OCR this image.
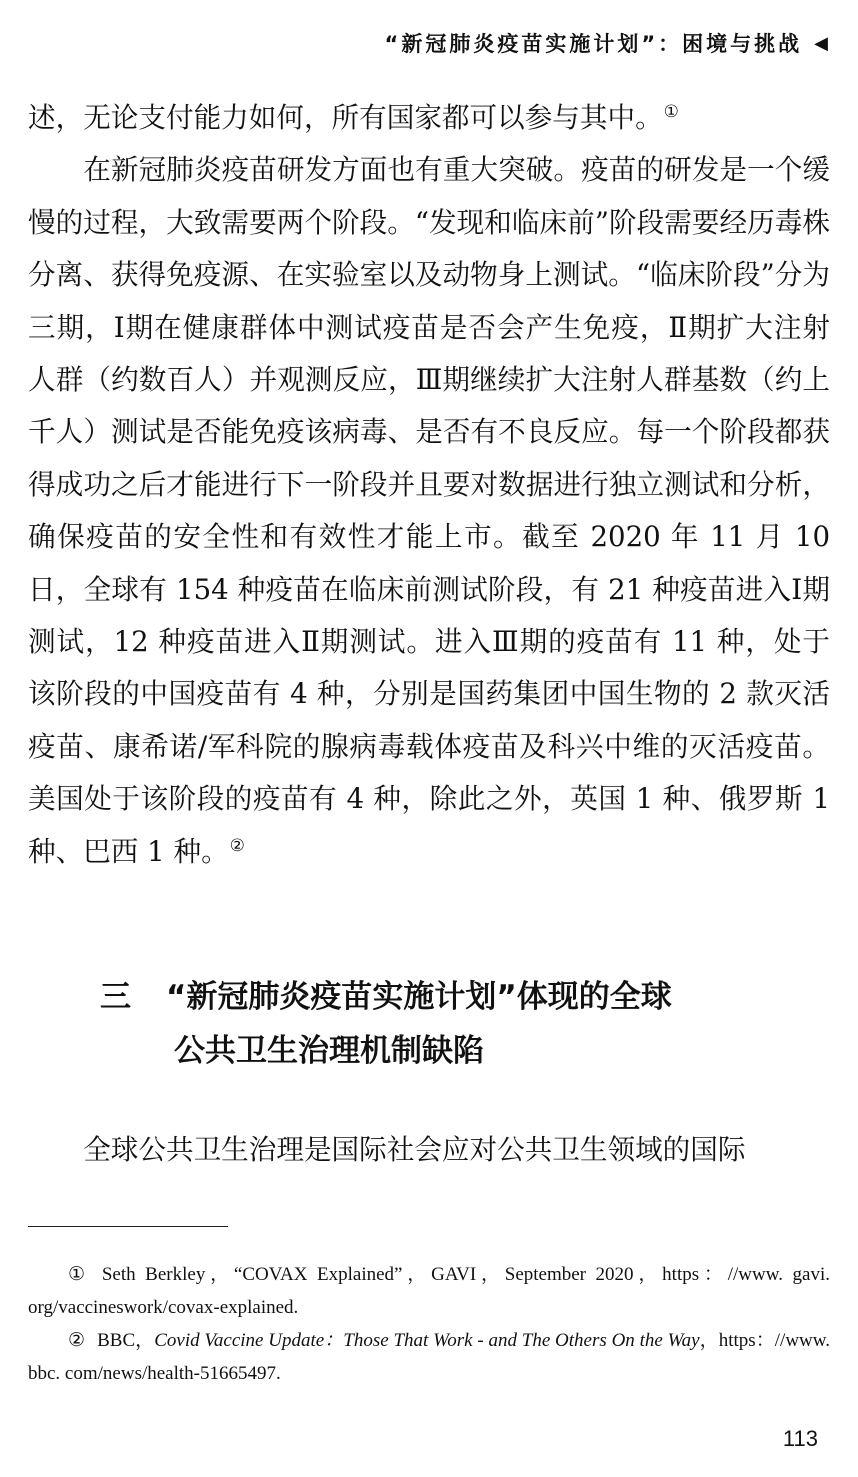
“新冠肺炎疫苗实施计划”：困境与挑战 ◀

述，无论支付能力如何，所有国家都可以参与其中。①

在新冠肺炎疫苗研发方面也有重大突破。疫苗的研发是一个缓慢的过程，大致需要两个阶段。“发现和临床前”阶段需要经历毒株分离、获得免疫源、在实验室以及动物身上测试。“临床阶段”分为三期，Ⅰ期在健康群体中测试疫苗是否会产生免疫，Ⅱ期扩大注射人群（约数百人）并观测反应，Ⅲ期继续扩大注射人群基数（约上千人）测试是否能免疫该病毒、是否有不良反应。每一个阶段都获得成功之后才能进行下一阶段并且要对数据进行独立测试和分析，确保疫苗的安全性和有效性才能上市。截至 2020 年 11 月 10 日，全球有 154 种疫苗在临床前测试阶段，有 21 种疫苗进入Ⅰ期测试，12 种疫苗进入Ⅱ期测试。进入Ⅲ期的疫苗有 11 种，处于该阶段的中国疫苗有 4 种，分别是国药集团中国生物的 2 款灭活疫苗、康希诺/军科院的腺病毒载体疫苗及科兴中维的灭活疫苗。美国处于该阶段的疫苗有 4 种，除此之外，英国 1 种、俄罗斯 1 种、巴西 1 种。②

三	“新冠肺炎疫苗实施计划”体现的全球
公共卫生治理机制缺陷

全球公共卫生治理是国际社会应对公共卫生领域的国际

① Seth Berkley，“COVAX Explained”，GAVI，September 2020，https：//www. gavi. org/vaccineswork/covax-explained.

② BBC，Covid Vaccine Update：Those That Work - and The Others On the Way，https：//www. bbc. com/news/health-51665497.

113
